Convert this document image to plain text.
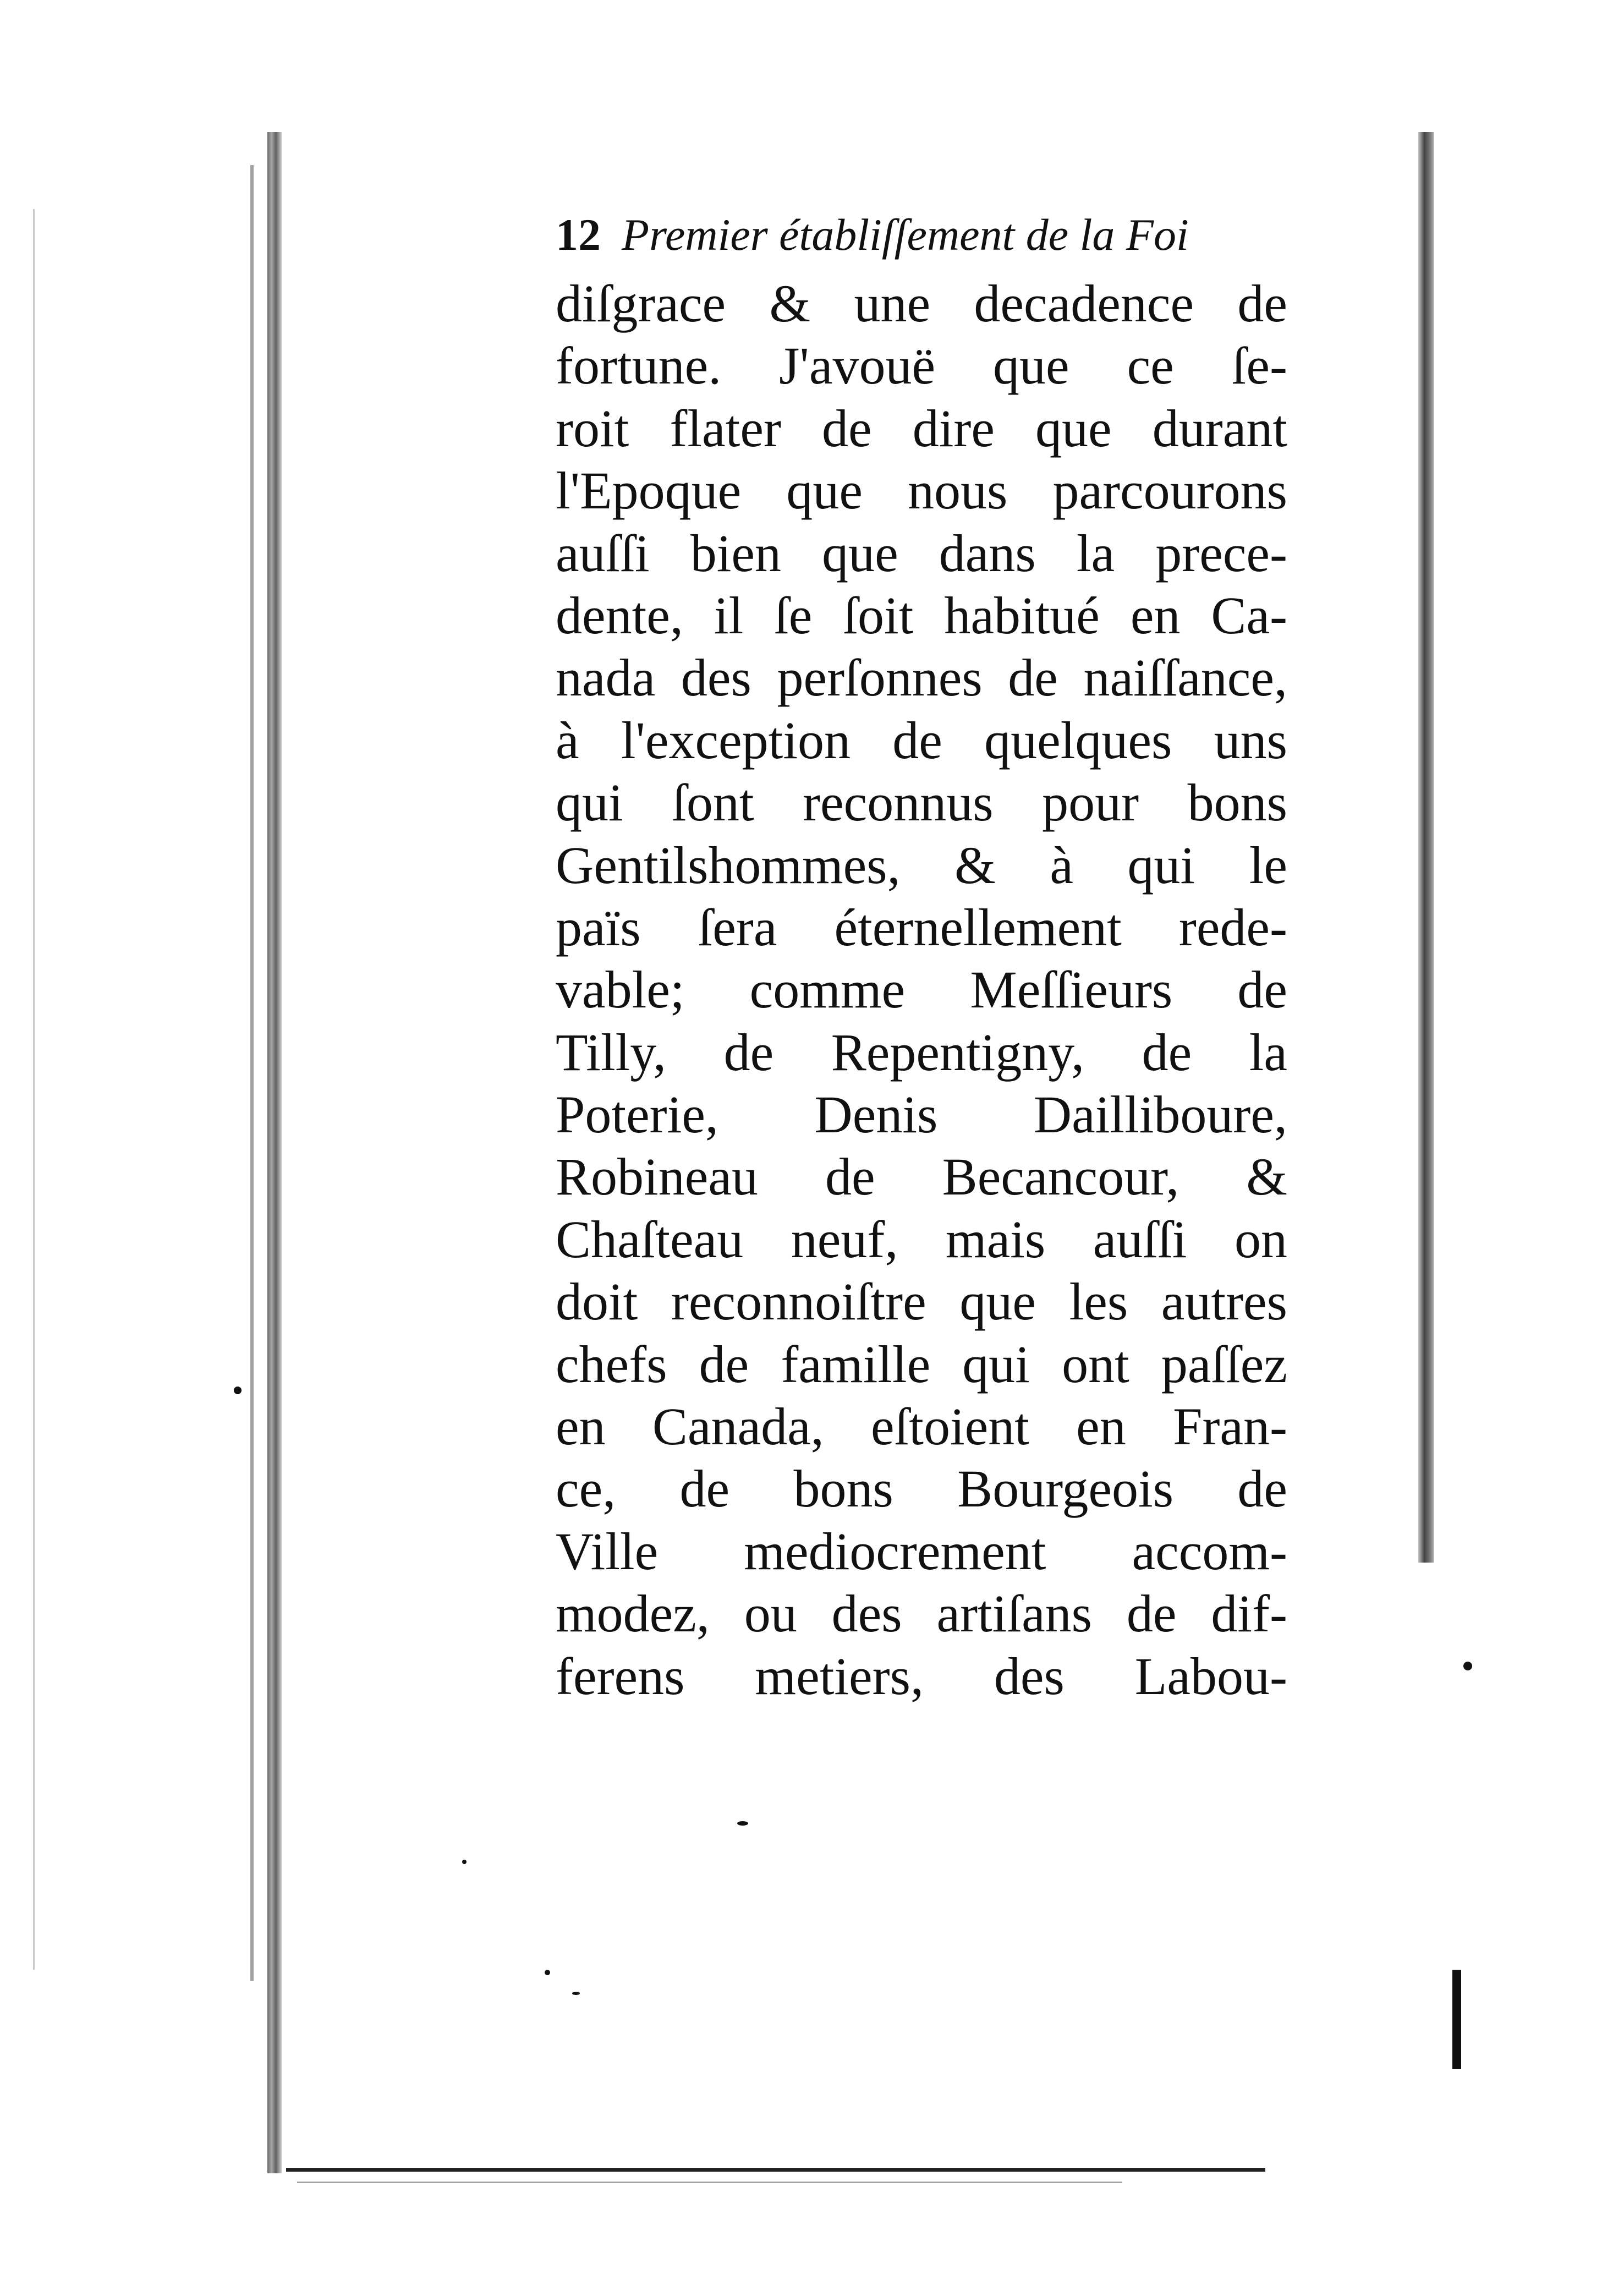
12 Premier établiſſement de la Foi
diſgrace & une decadence de
fortune. J'avouë que ce ſe-
roit flater de dire que durant
l'Epoque que nous parcourons
auſſi bien que dans la prece-
dente, il ſe ſoit habitué en Ca-
nada des perſonnes de naiſſance,
à l'exception de quelques uns
qui ſont reconnus pour bons
Gentilshommes, & à qui le
païs ſera éternellement rede-
vable; comme Meſſieurs de
Tilly, de Repentigny, de la
Poterie, Denis Dailliboure,
Robineau de Becancour, &
Chaſteau neuf, mais auſſi on
doit reconnoiſtre que les autres
chefs de famille qui ont paſſez
en Canada, eſtoient en Fran-
ce, de bons Bourgeois de
Ville mediocrement accom-
modez, ou des artiſans de dif-
ferens metiers, des Labou-
